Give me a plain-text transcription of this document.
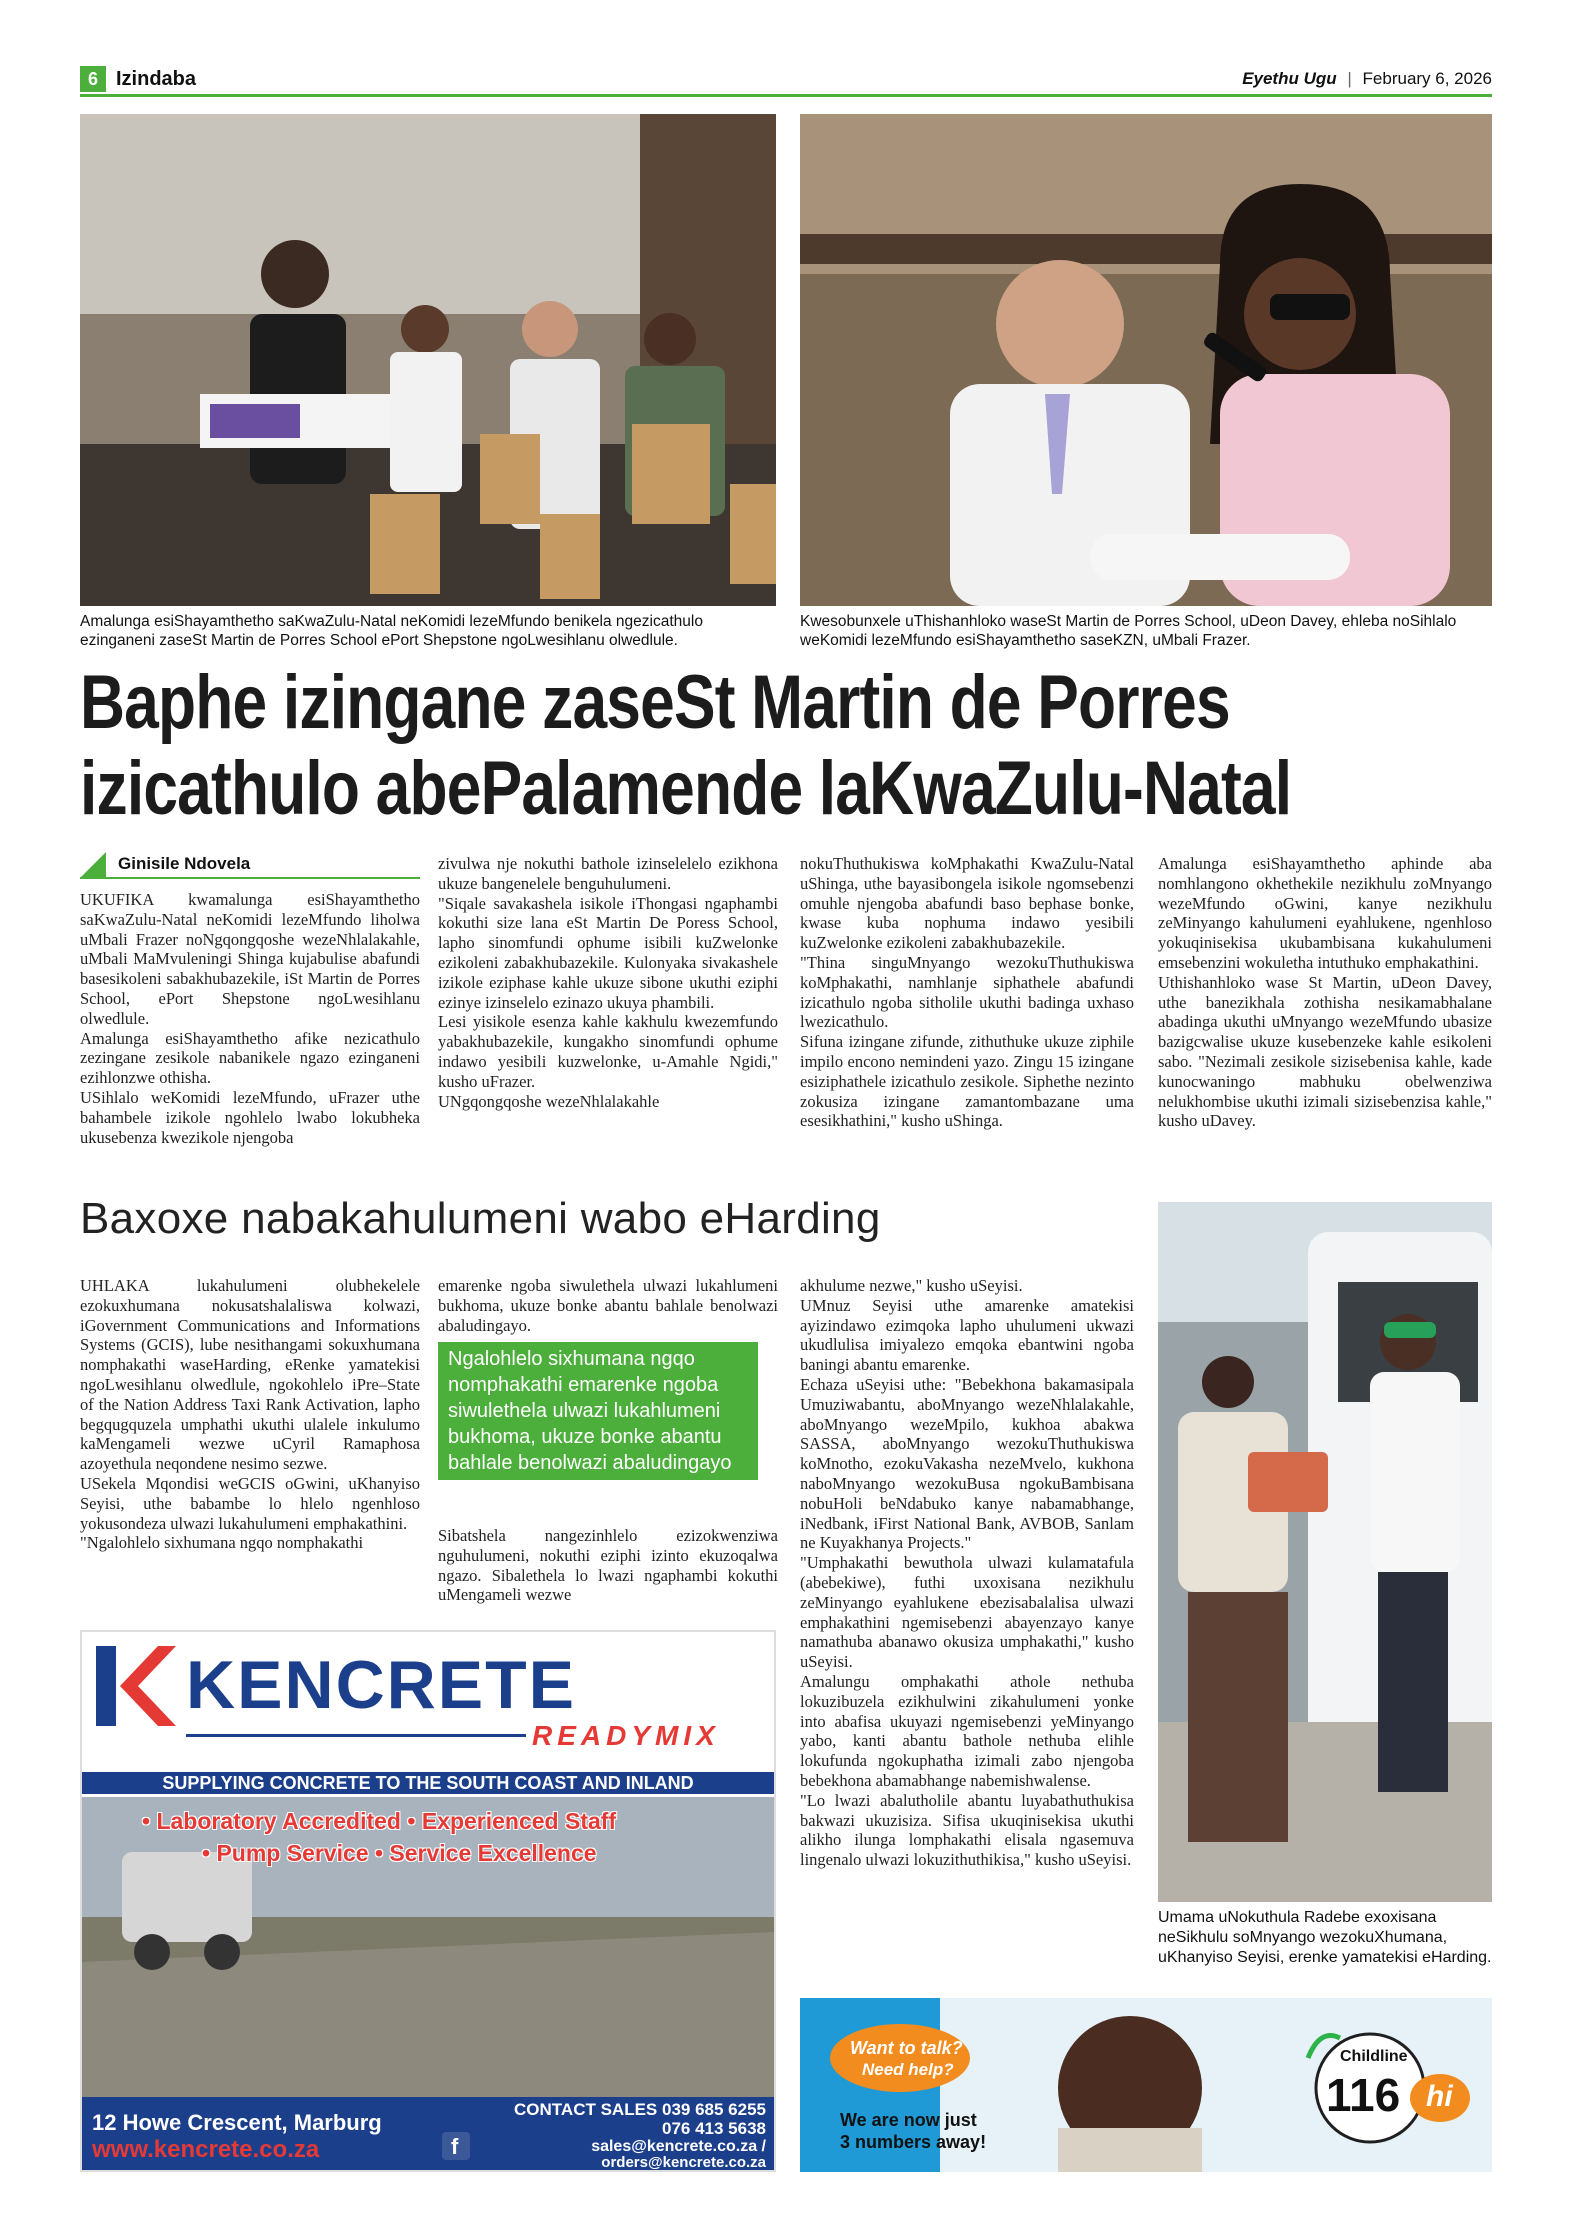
6 Izindaba	Eyethu Ugu | February 6, 2026
Amalunga esiShayamthetho saKwaZulu-Natal neKomidi lezeMfundo benikela ngezicathulo ezinganeni zaseSt Martin de Porres School ePort Shepstone ngoLwesihlanu olwedlule.
Kwesobunxele uThishanhloko waseSt Martin de Porres School, uDeon Davey, ehleba noSihlalo weKomidi lezeMfundo esiShayamthetho saseKZN, uMbali Frazer.
Baphe izingane zaseSt Martin de Porres
izicathulo abePalamende laKwaZulu-Natal
Ginisile Ndovela
UKUFIKA kwamalunga esiShayamthetho saKwaZulu-Natal neKomidi lezeMfundo liholwa uMbali Frazer noNgqongqoshe wezeNhlalakahle, uMbali MaMvuleningi Shinga kujabulise abafundi basesikoleni sabakhubazekile, iSt Martin de Porres School, ePort Shepstone ngoLwesihlanu olwedlule.
Amalunga esiShayamthetho afike nezicathulo zezingane zesikole nabanikele ngazo ezinganeni ezihlonzwe othisha.
USihlalo weKomidi lezeMfundo, uFrazer uthe bahambele izikole ngohlelo lwabo lokubheka ukusebenza kwezikole njengoba
zivulwa nje nokuthi batholе izinselelelo ezikhona ukuze bangenelele benguhulumeni.
"Siqale savakashela isikole iThongasi ngaphambi kokuthi size lana eSt Martin De Poress School, lapho sinomfundi ophume isibili kuZwelonke ezikoleni zabakhubazekile. Kulonyaka sivakashele izikole eziphase kahle ukuze sibone ukuthi eziphi ezinye izinselelo ezinazo ukuya phambili.
Lesi yisikole esenza kahle kakhulu kwezemfundo yabakhubazekile, kungakho sinomfundi ophume indawo yesibili kuzwelonke, u-Amahle Ngidi," kusho uFrazer.
UNgqongqoshe wezeNhlalakahle
nokuThuthukiswa koMphakathi KwaZulu-Natal uShinga, uthe bayasibongela isikole ngomsebenzi omuhle njengoba abafundi baso bephase bonke, kwase kuba nophuma indawo yesibili kuZwelonke ezikoleni zabakhubazekile.
"Thina singuMnyango wezokuThuthukiswa koMphakathi, namhlanje siphathele abafundi izicathulo ngoba sitholile ukuthi badinga uxhaso lwezicathulo.
Sifuna izingane zifunde, zithuthuke ukuze ziphile impilo encono nemindeni yazo. Zingu 15 izingane esiziphathele izicathulo zesikole. Siphethe nezinto zokusiza izingane zamantombazane uma esesikhathini," kusho uShinga.
Amalunga esiShayamthetho aphinde aba nomhlangono okhethekile nezikhulu zoMnyango wezeMfundo oGwini, kanye nezikhulu zeMinyango kahulumeni eyahlukene, ngenhloso yokuqinisekisa ukubambisana kukahulumeni emsebenzini wokuletha intuthuko emphakathini.
Uthishanhloko wase St Martin, uDeon Davey, uthe banezikhala zothisha nesikamabhalane abadinga ukuthi uMnyango wezeMfundo ubasize bazigcwalise ukuze kusebenzeke kahle esikoleni sabo. "Nezimali zesikole sizisebenisa kahle, kade kunocwaningo mabhuku obelwenziwa nelukhombise ukuthi izimali sizisebenzisa kahle," kusho uDavey.
Baxoxe nabakahulumeni wabo eHarding
UHLAKA lukahulumeni olubhekelele ezokuxhumana nokusatshalaliswa kolwazi, iGovernment Communications and Informations Systems (GCIS), lube nesithangami sokuxhumana nomphakathi waseHarding, eRenke yamatekisi ngoLwesihlanu olwedlule, ngokohlelo iPre–State of the Nation Address Taxi Rank Activation, lapho begqugquzela umphathi ukuthi ulalele inkulumo kaMengameli wezwe uCyril Ramaphosa azoyethula neqondene nesimo sezwe.
USekela Mqondisi weGCIS oGwini, uKhanyiso Seyisi, uthe babambe lo hlelo ngenhloso yokusondeza ulwazi lukahulumeni emphakathini.
"Ngalohlelo sixhumana ngqo nomphakathi
emarenke ngoba siwulethela ulwazi lukahlumeni bukhoma, ukuze bonke abantu bahlale benolwazi abaludingayo.
Ngalohlelo sixhumana ngqo nomphakathi emarenke ngoba siwulethela ulwazi lukahlumeni bukhoma, ukuze bonke abantu bahlale benolwazi abaludingayo
Sibatshela nangezinhlelo ezizokwenziwa nguhulumeni, nokuthi eziphi izinto ekuzoqalwa ngazo. Sibalethela lo lwazi ngaphambi kokuthi uMengameli wezwe
akhulume nezwe," kusho uSeyisi.
UMnuz Seyisi uthe amarenke amatekisi ayizindawo ezimqoka lapho uhulumeni ukwazi ukudlulisa imiyalezo emqoka ebantwini ngoba baningi abantu emarenke.
Echaza uSeyisi uthe: "Bebekhona bakamasipala Umuziwabantu, aboMnyango wezeNhlalakahle, aboMnyango wezeMpilo, kukhoa abakwa SASSA, aboMnyango wezokuThuthukiswa koMnotho, ezokuVakasha nezeMvelo, kukhona naboMnyango wezokuBusa ngokuBambisana nobuHoli beNdabuko kanye nabamabhange, iNedbank, iFirst National Bank, AVBOB, Sanlam ne Kuyakhanya Projects."
"Umphakathi bewuthola ulwazi kulamatafula (abebekiwe), futhi uxoxisana nezikhulu zeMinyango eyahlukene ebezisabalalisa ulwazi emphakathini ngemisebenzi abayenzayo kanye namathuba abanawo okusiza umphakathi," kusho uSeyisi.
Amalungu omphakathi athole nethuba lokuzibuzela ezikhulwini zikahulumeni yonke into abafisa ukuyazi ngemisebenzi yeMinyango yabo, kanti abantu batholе nethuba elihle lokufunda ngokuphatha izimali zabo njengoba bebekhona abamabhange nabemishwalense.
"Lo lwazi abalutholile abantu luyabathuthukisa bakwazi ukuzisiza. Sifisa ukuqinisekisa ukuthi alikho ilunga lomphakathi elisala ngasemuva lingenalo ulwazi lokuzithuthikisa," kusho uSeyisi.
Umama uNokuthula Radebe exoxisana neSikhulu soMnyango wezokuXhumana, uKhanyiso Seyisi, erenke yamatekisi eHarding.
f
KENCRETE
READYMIX
SUPPLYING CONCRETE TO THE SOUTH COAST AND INLAND
• Laboratory Accredited • Experienced Staff
• Pump Service • Service Excellence
12 Howe Crescent, Marburg
www.kencrete.co.za
CONTACT SALES 039 685 6255
076 413 5638
sales@kencrete.co.za /
orders@kencrete.co.za
Want to talk?
Need help?
We are now just
3 numbers away!
Childline
116 hi
